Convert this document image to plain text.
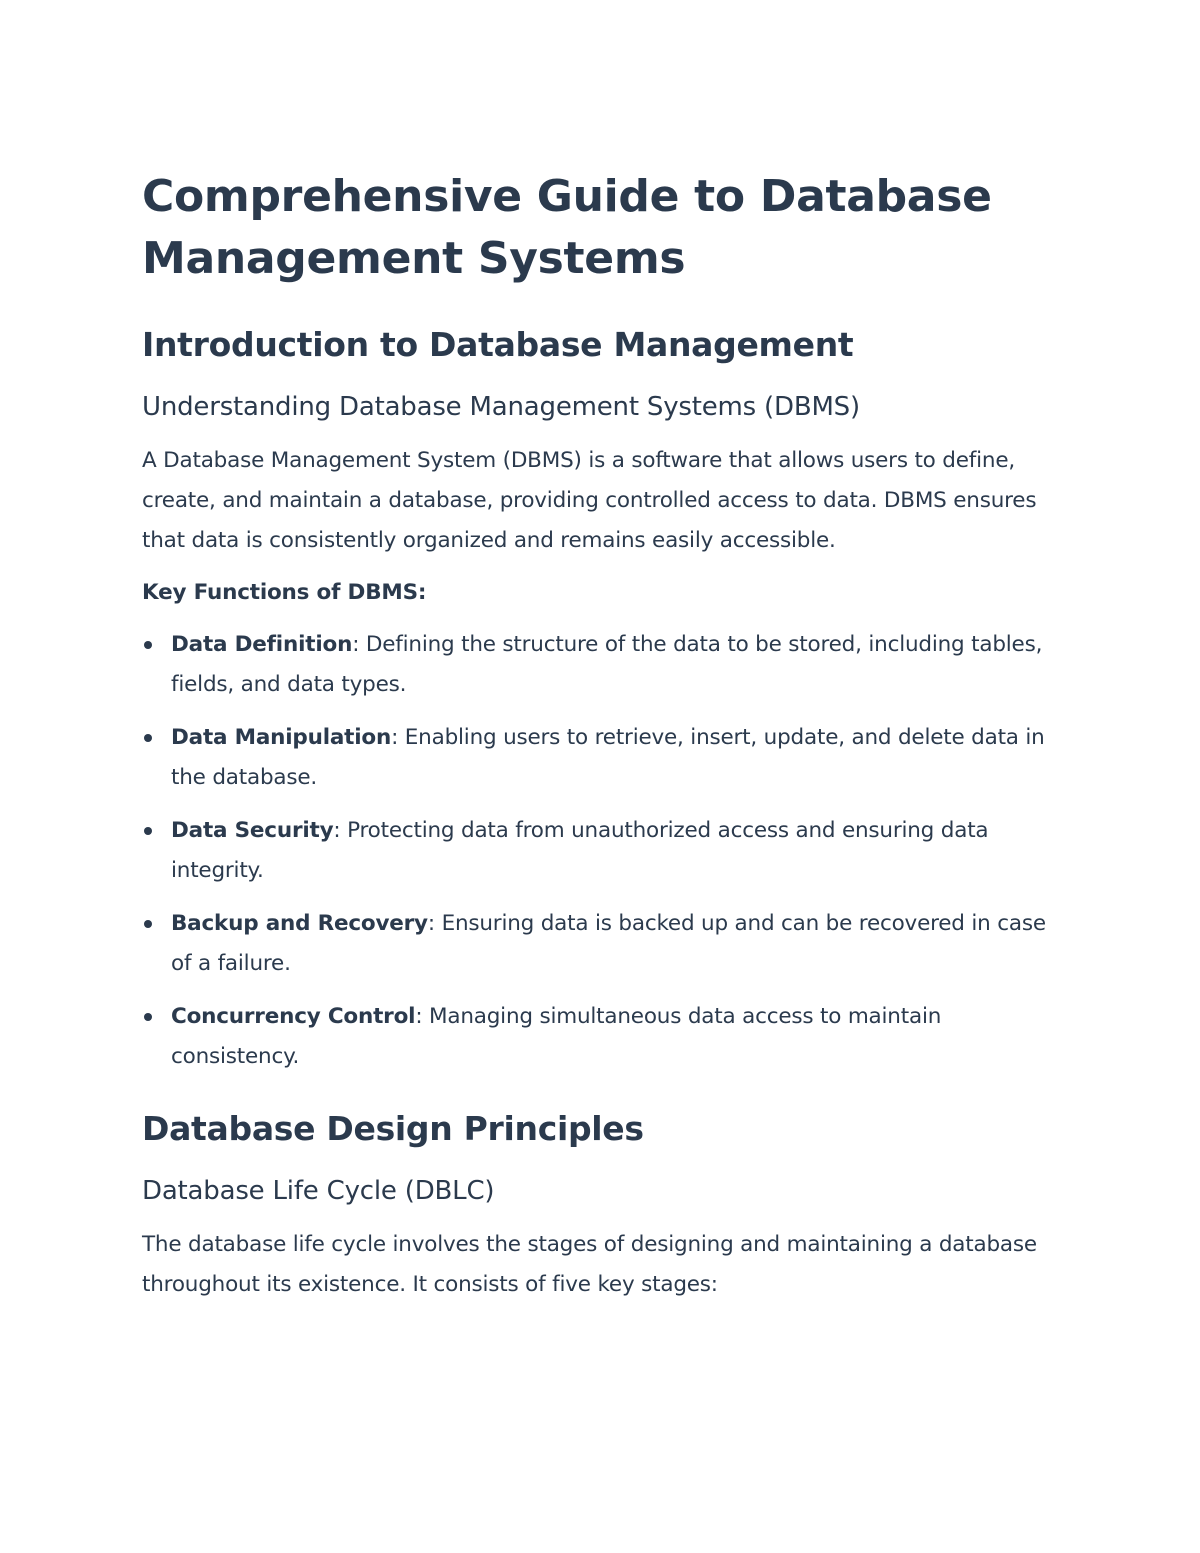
Comprehensive Guide to Database Management Systems
Introduction to Database Management
Understanding Database Management Systems (DBMS)

A Database Management System (DBMS) is a software that allows users to define, create, and maintain a database, providing controlled access to data. DBMS ensures that data is consistently organized and remains easily accessible.

Key Functions of DBMS:

Data Definition: Defining the structure of the data to be stored, including tables, fields, and data types.
Data Manipulation: Enabling users to retrieve, insert, update, and delete data in the database.
Data Security: Protecting data from unauthorized access and ensuring data integrity.
Backup and Recovery: Ensuring data is backed up and can be recovered in case of a failure.
Concurrency Control: Managing simultaneous data access to maintain consistency.
Database Design Principles
Database Life Cycle (DBLC)

The database life cycle involves the stages of designing and maintaining a database throughout its existence. It consists of five key stages:
